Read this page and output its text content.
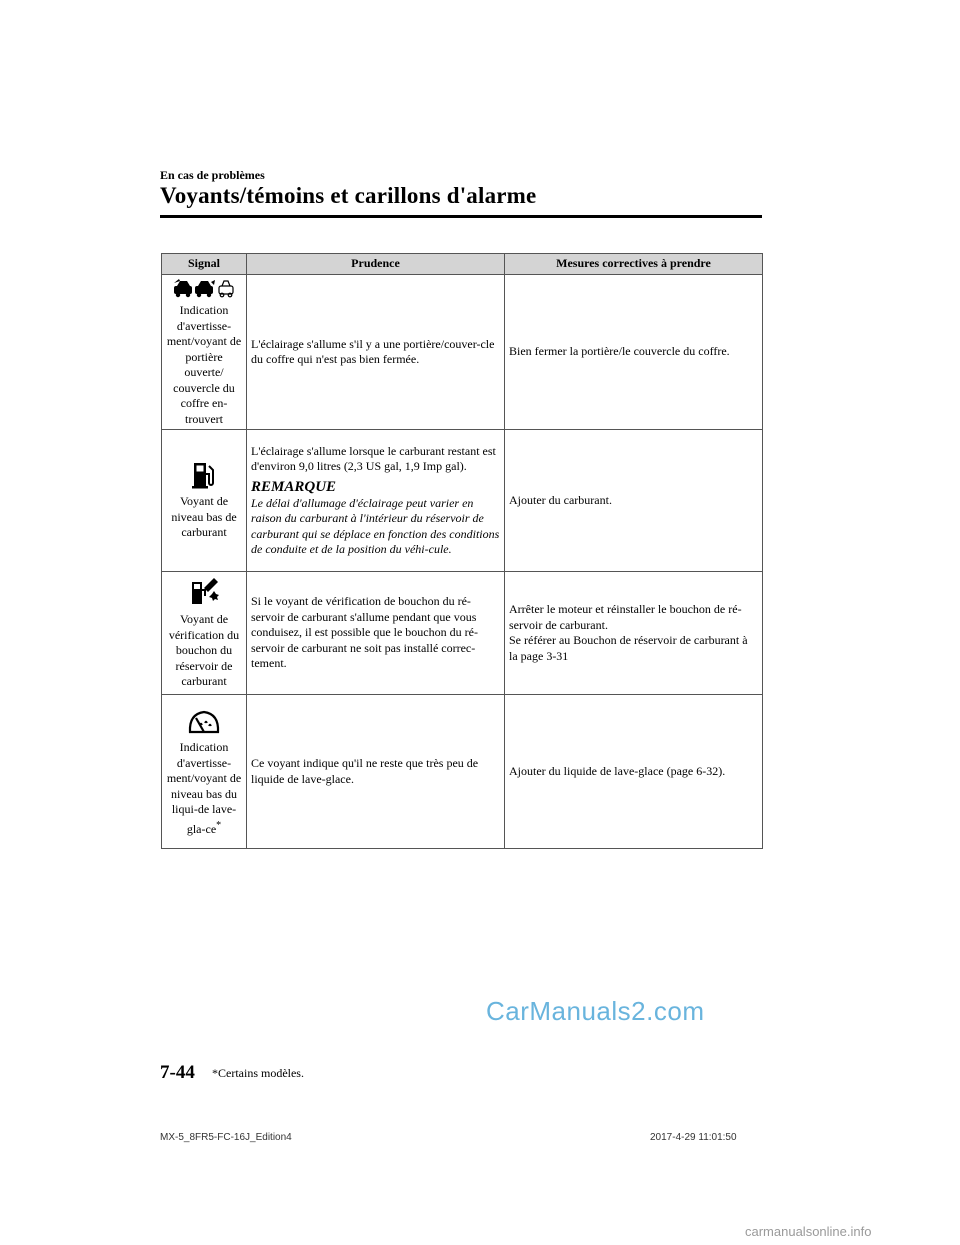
En cas de problèmes
Voyants/témoins et carillons d'alarme
Signal	Prudence	Mesures correctives à prendre

Indication d'avertisse-ment/voyant de portière ouverte/ couvercle du coffre en-trouvert	L'éclairage s'allume s'il y a une portière/couver-cle du coffre qui n'est pas bien fermée.	Bien fermer la portière/le couvercle du coffre.

Voyant de niveau bas de carburant	L'éclairage s'allume lorsque le carburant restant est d'environ 9,0 litres (2,3 US gal, 1,9 Imp gal).
REMARQUE
Le délai d'allumage d'éclairage peut varier en raison du carburant à l'intérieur du réservoir de carburant qui se déplace en fonction des conditions de conduite et de la position du véhi-cule.	Ajouter du carburant.

Voyant de vérification du bouchon du réservoir de carburant	Si le voyant de vérification de bouchon du ré-servoir de carburant s'allume pendant que vous conduisez, il est possible que le bouchon du ré-servoir de carburant ne soit pas installé correc-tement.	Arrêter le moteur et réinstaller le bouchon de ré-servoir de carburant.
Se référer au Bouchon de réservoir de carburant à la page 3-31

Indication d'avertisse-ment/voyant de niveau bas du liqui-de lave-gla-ce*	Ce voyant indique qu'il ne reste que très peu de liquide de lave-glace.	Ajouter du liquide de lave-glace (page 6-32).
CarManuals2.com
7-44 *Certains modèles.
MX-5_8FR5-FC-16J_Edition4	2017-4-29 11:01:50
carmanualsonline.info
